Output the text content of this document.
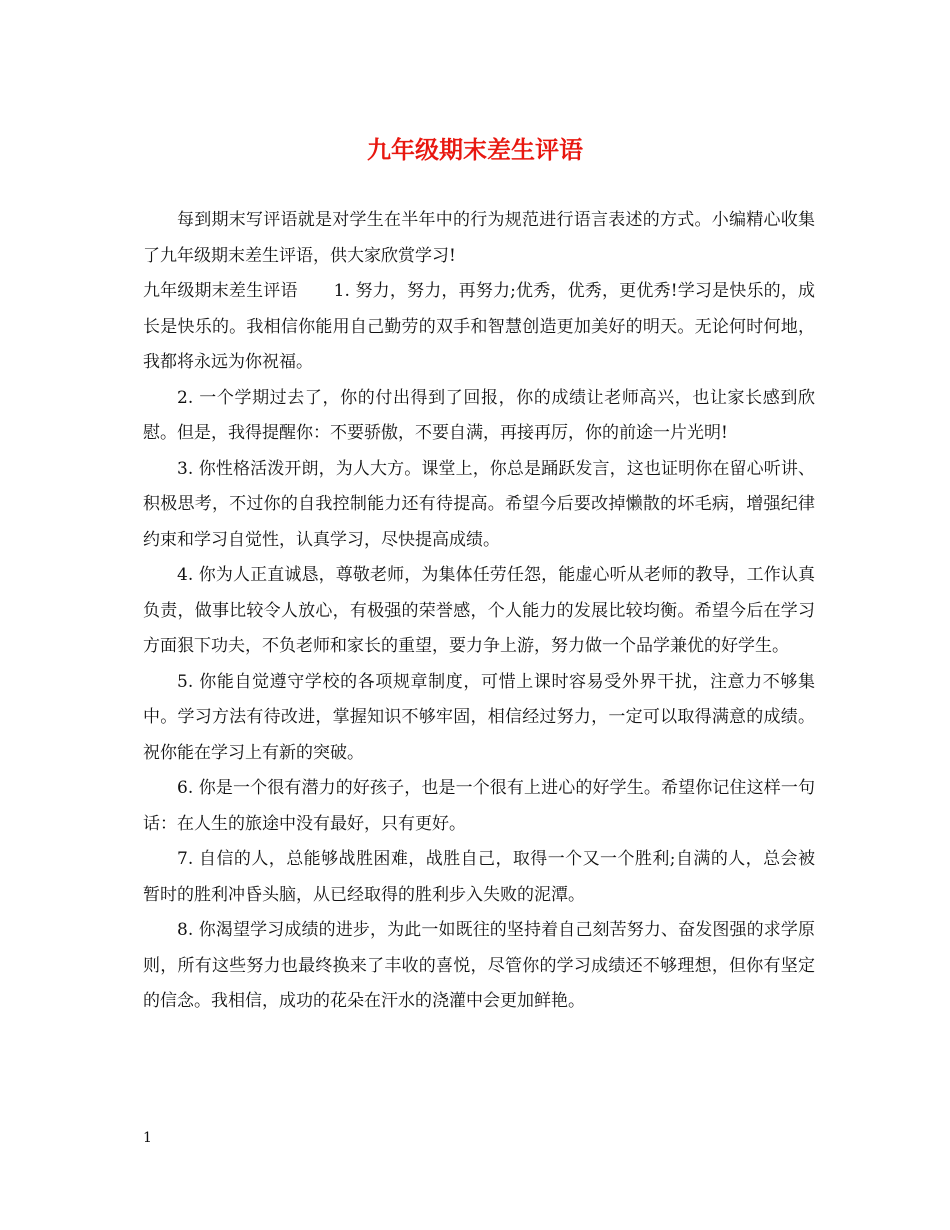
九年级期末差生评语

每到期末写评语就是对学生在半年中的行为规范进行语言表述的方式。小编精心收集了九年级期末差生评语，供大家欣赏学习!

九年级期末差生评语 1. 努力，努力，再努力;优秀，优秀，更优秀!学习是快乐的，成长是快乐的。我相信你能用自己勤劳的双手和智慧创造更加美好的明天。无论何时何地，我都将永远为你祝福。

2. 一个学期过去了，你的付出得到了回报，你的成绩让老师高兴，也让家长感到欣慰。但是，我得提醒你：不要骄傲，不要自满，再接再厉，你的前途一片光明!

3. 你性格活泼开朗，为人大方。课堂上，你总是踊跃发言，这也证明你在留心听讲、积极思考，不过你的自我控制能力还有待提高。希望今后要改掉懒散的坏毛病，增强纪律约束和学习自觉性，认真学习，尽快提高成绩。

4. 你为人正直诚恳，尊敬老师，为集体任劳任怨，能虚心听从老师的教导，工作认真负责，做事比较令人放心，有极强的荣誉感，个人能力的发展比较均衡。希望今后在学习方面狠下功夫，不负老师和家长的重望，要力争上游，努力做一个品学兼优的好学生。

5. 你能自觉遵守学校的各项规章制度，可惜上课时容易受外界干扰，注意力不够集中。学习方法有待改进，掌握知识不够牢固，相信经过努力，一定可以取得满意的成绩。祝你能在学习上有新的突破。

6. 你是一个很有潜力的好孩子，也是一个很有上进心的好学生。希望你记住这样一句话：在人生的旅途中没有最好，只有更好。

7. 自信的人，总能够战胜困难，战胜自己，取得一个又一个胜利;自满的人，总会被暂时的胜利冲昏头脑，从已经取得的胜利步入失败的泥潭。

8. 你渴望学习成绩的进步，为此一如既往的坚持着自己刻苦努力、奋发图强的求学原则，所有这些努力也最终换来了丰收的喜悦，尽管你的学习成绩还不够理想，但你有坚定的信念。我相信，成功的花朵在汗水的浇灌中会更加鲜艳。

1
